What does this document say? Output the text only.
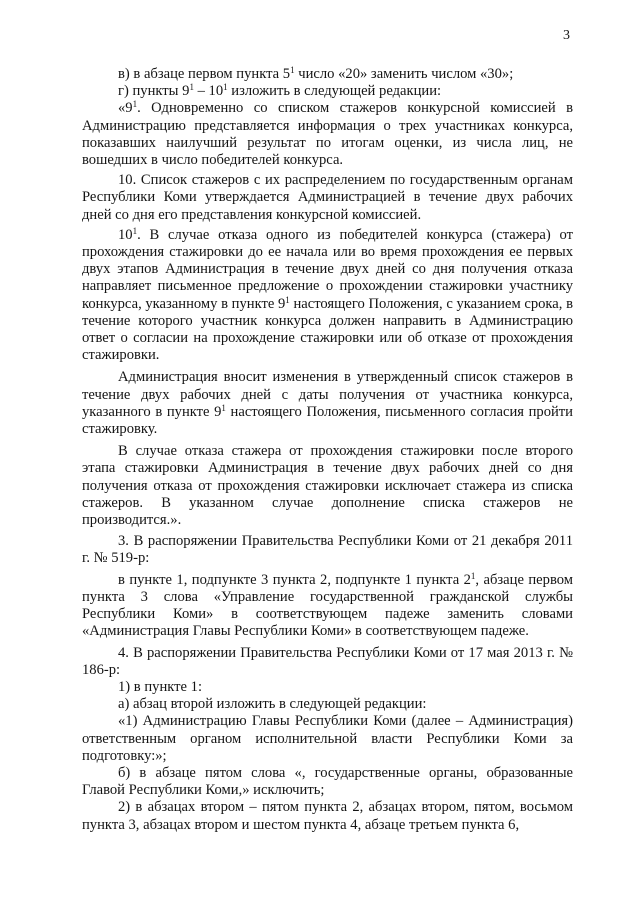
3

в) в абзаце первом пункта $5^1$ число «20» заменить числом «30»;

г) пункты $9^1 - 10^1$ изложить в следующей редакции:

«$9^1$. Одновременно со списком стажеров конкурсной комиссией в Администрацию представляется информация о трех участниках конкурса, показавших наилучший результат по итогам оценки, из числа лиц, не вошедших в число победителей конкурса.

10. Список стажеров с их распределением по государственным органам Республики Коми утверждается Администрацией в течение двух рабочих дней со дня его представления конкурсной комиссией.

$10^1$. В случае отказа одного из победителей конкурса (стажера) от прохождения стажировки до ее начала или во время прохождения ее первых двух этапов Администрация в течение двух дней со дня получения отказа направляет письменное предложение о прохождении стажировки участнику конкурса, указанному в пункте $9^1$ настоящего Положения, с указанием срока, в течение которого участник конкурса должен направить в Администрацию ответ о согласии на прохождение стажировки или об отказе от прохождения стажировки.

Администрация вносит изменения в утвержденный список стажеров в течение двух рабочих дней с даты получения от участника конкурса, указанного в пункте $9^1$ настоящего Положения, письменного согласия пройти стажировку.

В случае отказа стажера от прохождения стажировки после второго этапа стажировки Администрация в течение двух рабочих дней со дня получения отказа от прохождения стажировки исключает стажера из списка стажеров. В указанном случае дополнение списка стажеров не производится.».

3. В распоряжении Правительства Республики Коми от 21 декабря 2011 г. № 519-р:

в пункте 1, подпункте 3 пункта 2, подпункте 1 пункта $2^1$, абзаце первом пункта 3 слова «Управление государственной гражданской службы Республики Коми» в соответствующем падеже заменить словами «Администрация Главы Республики Коми» в соответствующем падеже.

4. В распоряжении Правительства Республики Коми от 17 мая 2013 г. № 186-р:

1) в пункте 1:

а) абзац второй изложить в следующей редакции:

«1) Администрацию Главы Республики Коми (далее – Администрация) ответственным органом исполнительной власти Республики Коми за подготовку:»;

б) в абзаце пятом слова «, государственные органы, образованные Главой Республики Коми,» исключить;

2) в абзацах втором – пятом пункта 2, абзацах втором, пятом, восьмом пункта 3, абзацах втором и шестом пункта 4, абзаце третьем пункта 6,
